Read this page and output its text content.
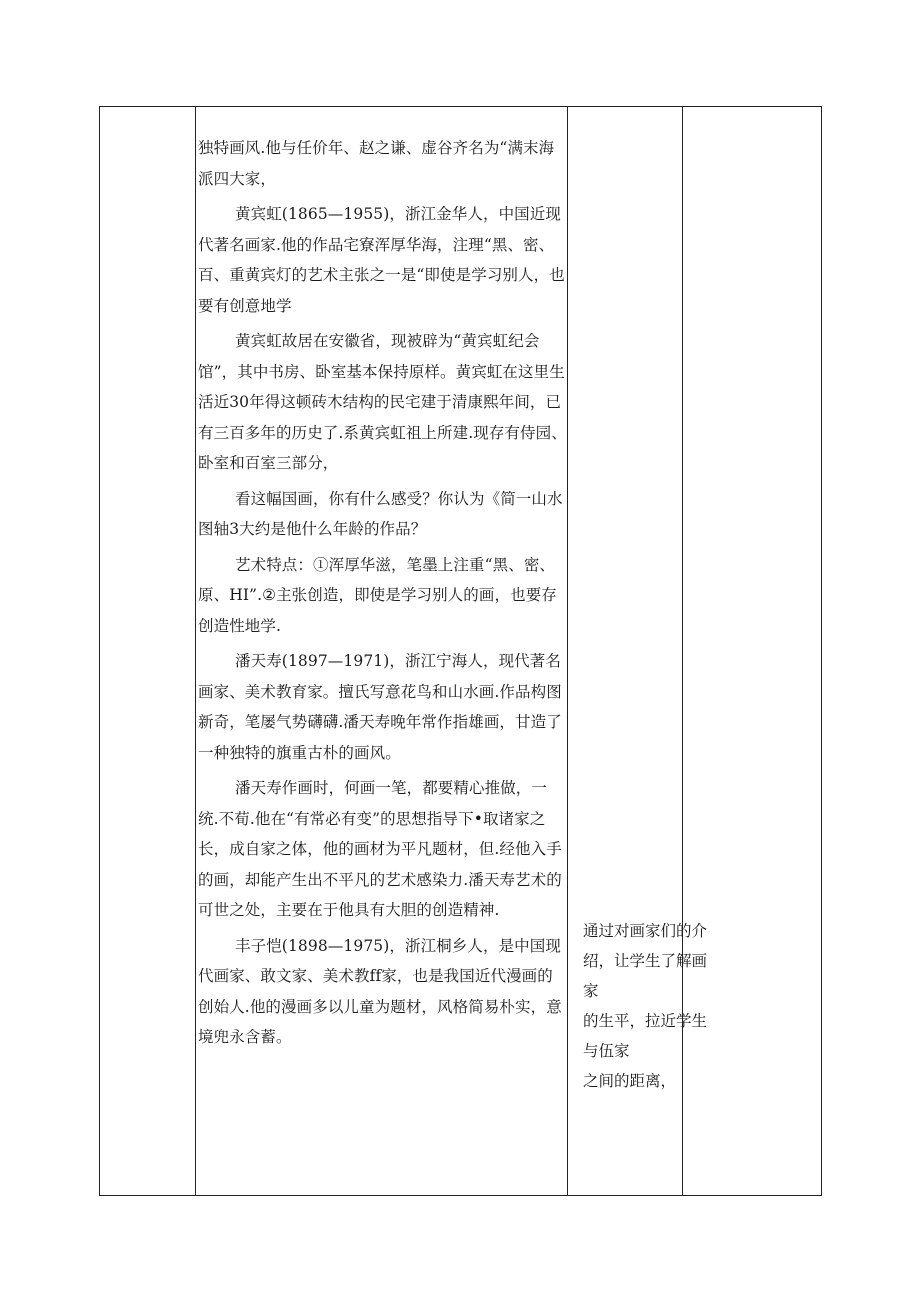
独特画风.他与任价年、赵之谦、虚谷齐名为“满末海派四大家，

黄宾虹(1865—1955)，浙江金华人，中国近现代著名画家.他的作品宅寮浑厚华海，注理“黑、密、百、重黄宾灯的艺术主张之一是“即使是学习别人，也要有创意地学

黄宾虹故居在安徽省，现被辟为“黄宾虹纪会馆”，其中书房、卧室基本保持原样。黄宾虹在这里生活近30年得这顿砖木结构的民宅建于清康熙年间，已有三百多年的历史了.系黄宾虹祖上所建.现存有侍园、卧室和百室三部分，

看这幅国画，你有什么感受？你认为《简一山水图轴3大约是他什么年龄的作品？

艺术特点：①浑厚华滋，笔墨上注重“黑、密、原、HI”.②主张创造，即使是学习别人的画，也要存创造性地学.

潘天寿(1897—1971)，浙江宁海人，现代著名画家、美术教育家。擅氏写意花鸟和山水画.作品构图新奇，笔屡气势礴礴.潘天寿晚年常作指雄画，甘造了一种独特的旗重古朴的画风。

潘天寿作画时，何画一笔，都要精心推做，一统.不荀.他在“有常必有变”的思想指导下•取诸家之长，成自家之体，他的画材为平凡题材，但.经他入手的画，却能产生出不平凡的艺术感染力.潘天寿艺术的可世之处，主要在于他具有大胆的创造精神.

丰子恺(1898—1975)，浙江桐乡人，是中国现代画家、敢文家、美术教ff家，也是我国近代漫画的创始人.他的漫画多以儿童为题材，风格简易朴实，意境兜永含蓄。

通过对画家们的介
绍，让学生了解画家
的生平，拉近学生
与伍家
之间的距离，
